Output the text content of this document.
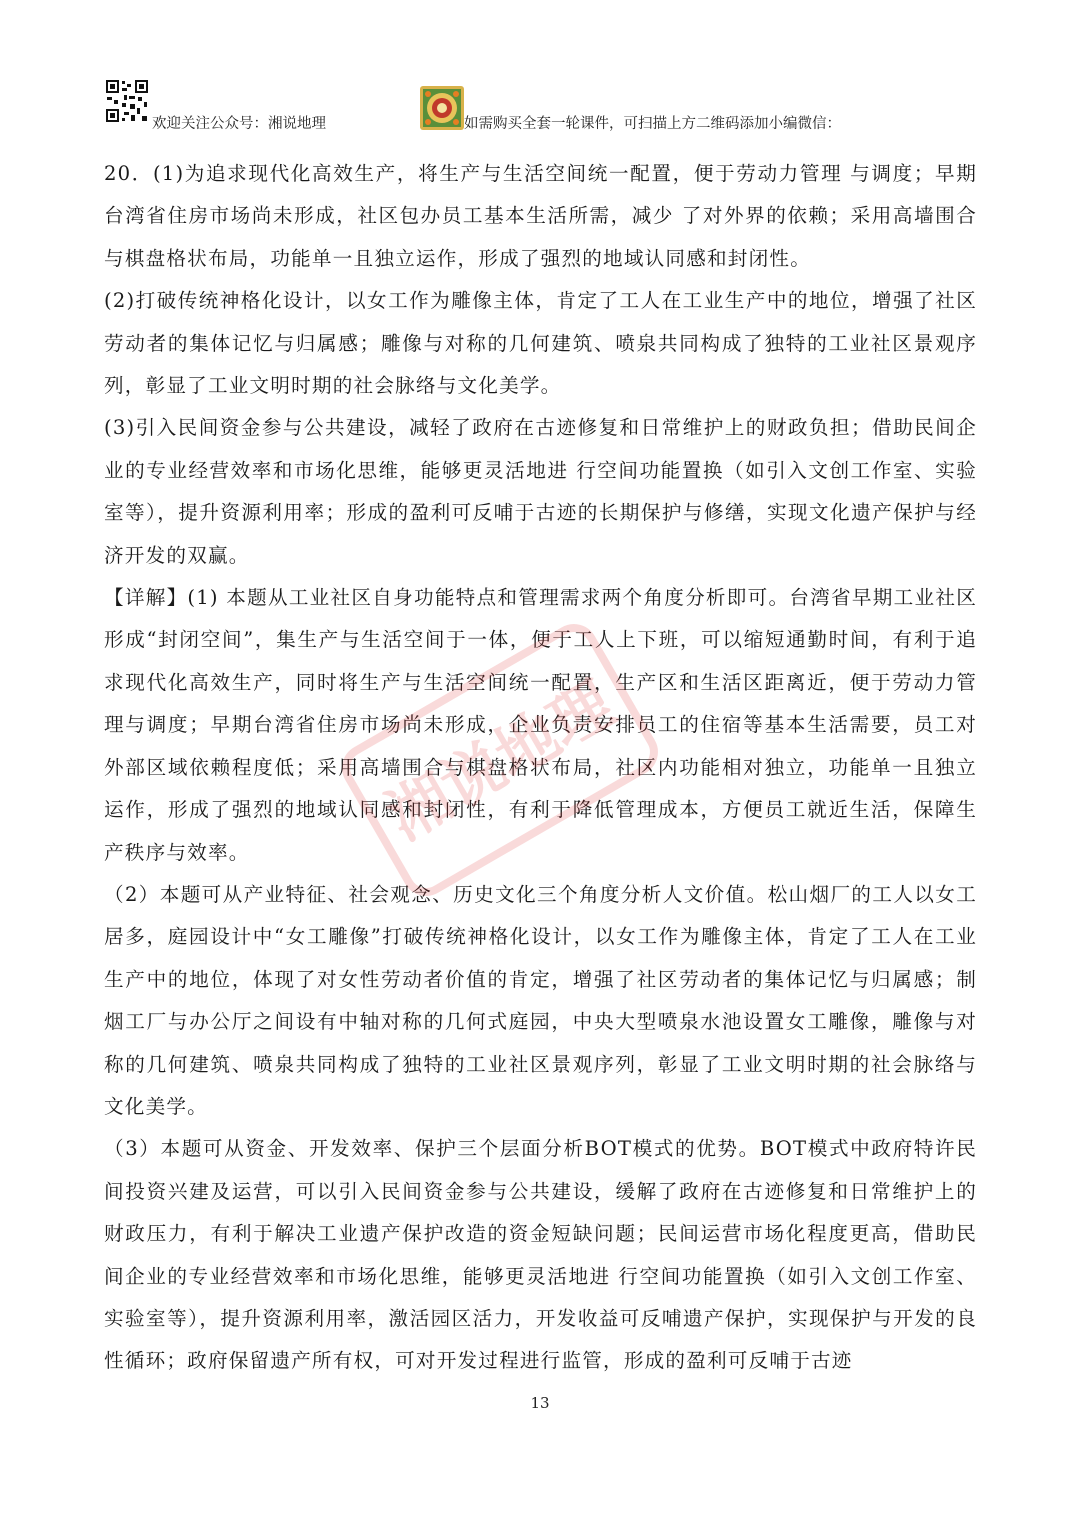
欢迎关注公众号：湘说地理	如需购买全套一轮课件，可扫描上方二维码添加小编微信：

20．(1)为追求现代化高效生产，将生产与生活空间统一配置，便于劳动力管理 与调度；早期台湾省住房市场尚未形成，社区包办员工基本生活所需，减少 了对外界的依赖；采用高墙围合与棋盘格状布局，功能单一且独立运作，形成了强烈的地域认同感和封闭性。

(2)打破传统神格化设计，以女工作为雕像主体，肯定了工人在工业生产中的地位，增强了社区劳动者的集体记忆与归属感；雕像与对称的几何建筑、喷泉共同构成了独特的工业社区景观序列，彰显了工业文明时期的社会脉络与文化美学。

(3)引入民间资金参与公共建设，减轻了政府在古迹修复和日常维护上的财政负担；借助民间企业的专业经营效率和市场化思维，能够更灵活地进 行空间功能置换（如引入文创工作室、实验室等），提升资源利用率；形成的盈利可反哺于古迹的长期保护与修缮，实现文化遗产保护与经济开发的双赢。

【详解】(1) 本题从工业社区自身功能特点和管理需求两个角度分析即可。台湾省早期工业社区形成“封闭空间”，集生产与生活空间于一体，便于工人上下班，可以缩短通勤时间，有利于追求现代化高效生产，同时将生产与生活空间统一配置，生产区和生活区距离近，便于劳动力管理与调度；早期台湾省住房市场尚未形成，企业负责安排员工的住宿等基本生活需要，员工对外部区域依赖程度低；采用高墙围合与棋盘格状布局，社区内功能相对独立，功能单一且独立运作，形成了强烈的地域认同感和封闭性，有利于降低管理成本，方便员工就近生活，保障生产秩序与效率。

（2）本题可从产业特征、社会观念、历史文化三个角度分析人文价值。松山烟厂的工人以女工居多，庭园设计中“女工雕像”打破传统神格化设计，以女工作为雕像主体，肯定了工人在工业生产中的地位，体现了对女性劳动者价值的肯定，增强了社区劳动者的集体记忆与归属感；制烟工厂与办公厅之间设有中轴对称的几何式庭园，中央大型喷泉水池设置女工雕像，雕像与对称的几何建筑、喷泉共同构成了独特的工业社区景观序列，彰显了工业文明时期的社会脉络与文化美学。

（3）本题可从资金、开发效率、保护三个层面分析BOT模式的优势。BOT模式中政府特许民间投资兴建及运营，可以引入民间资金参与公共建设，缓解了政府在古迹修复和日常维护上的财政压力，有利于解决工业遗产保护改造的资金短缺问题；民间运营市场化程度更高，借助民间企业的专业经营效率和市场化思维，能够更灵活地进 行空间功能置换（如引入文创工作室、实验室等），提升资源利用率，激活园区活力，开发收益可反哺遗产保护，实现保护与开发的良性循环；政府保留遗产所有权，可对开发过程进行监管，形成的盈利可反哺于古迹

湘说地理
13
